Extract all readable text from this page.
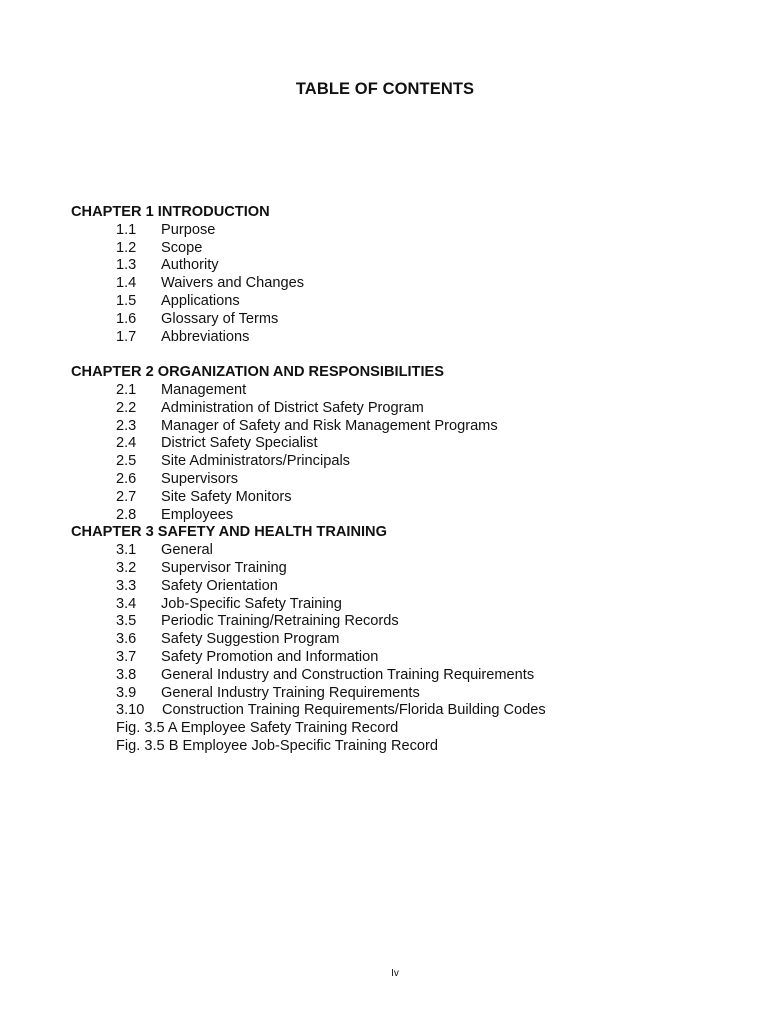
TABLE OF CONTENTS
CHAPTER 1 INTRODUCTION
1.1	Purpose
1.2	Scope
1.3	Authority
1.4	Waivers and Changes
1.5	Applications
1.6	Glossary of Terms
1.7	Abbreviations
CHAPTER 2 ORGANIZATION AND RESPONSIBILITIES
2.1	Management
2.2	Administration of District Safety Program
2.3	Manager of Safety and Risk Management Programs
2.4	District Safety Specialist
2.5	Site Administrators/Principals
2.6	Supervisors
2.7	Site Safety Monitors
2.8	Employees
CHAPTER 3 SAFETY AND HEALTH TRAINING
3.1	General
3.2	Supervisor Training
3.3	Safety Orientation
3.4	Job-Specific Safety Training
3.5	Periodic Training/Retraining Records
3.6	Safety Suggestion Program
3.7	Safety Promotion and Information
3.8	General Industry and Construction Training Requirements
3.9	General Industry Training Requirements
3.10	Construction Training Requirements/Florida Building Codes
Fig. 3.5 A Employee Safety Training Record
Fig. 3.5 B Employee Job-Specific Training Record
Iv
